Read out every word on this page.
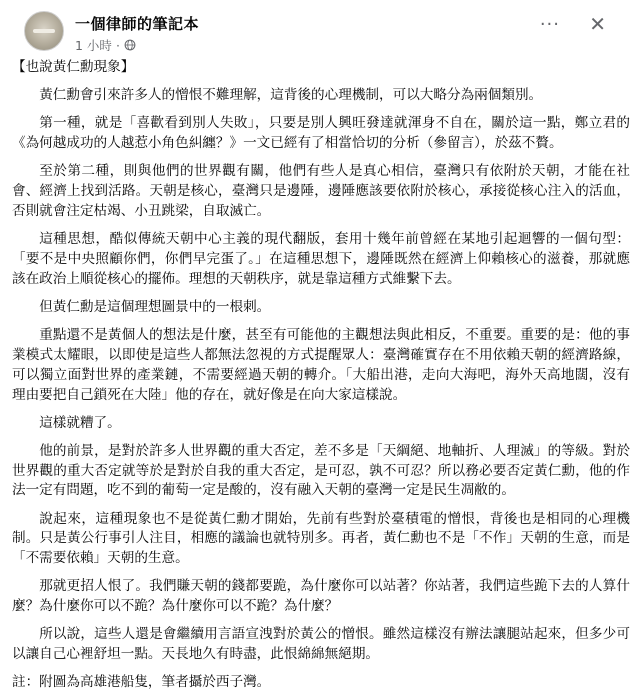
一個律師的筆記本
1 小時 ·
··· ✕
【也說黃仁勳現象】

黃仁勳會引來許多人的憎恨不難理解，這背後的心理機制，可以大略分為兩個類別。

第一種，就是「喜歡看到別人失敗」，只要是別人興旺發達就渾身不自在，關於這一點，鄭立君的《為何越成功的人越惹小角色糾纏？》一文已經有了相當恰切的分析（參留言），於茲不贅。

至於第二種，則與他們的世界觀有關，他們有些人是真心相信，臺灣只有依附於天朝，才能在社會、經濟上找到活路。天朝是核心，臺灣只是邊陲，邊陲應該要依附於核心，承接從核心注入的活血，否則就會注定枯竭、小丑跳梁，自取滅亡。

這種思想，酷似傳統天朝中心主義的現代翻版，套用十幾年前曾經在某地引起迴響的一個句型：「要不是中央照顧你們，你們早完蛋了。」在這種思想下，邊陲既然在經濟上仰賴核心的滋養，那就應該在政治上順從核心的擺佈。理想的天朝秩序，就是靠這種方式維繫下去。

但黃仁勳是這個理想圖景中的一根刺。

重點還不是黃個人的想法是什麼，甚至有可能他的主觀想法與此相反，不重要。重要的是：他的事業模式太耀眼，以即使是這些人都無法忽視的方式提醒眾人：臺灣確實存在不用依賴天朝的經濟路線，可以獨立面對世界的產業鏈，不需要經過天朝的轉介。「大船出港，走向大海吧，海外天高地闊，沒有理由要把自己鎖死在大陸」他的存在，就好像是在向大家這樣說。

這樣就糟了。

他的前景，是對於許多人世界觀的重大否定，差不多是「天綱絕、地軸折、人理滅」的等級。對於世界觀的重大否定就等於是對於自我的重大否定，是可忍，孰不可忍？所以務必要否定黃仁勳，他的作法一定有問題，吃不到的葡萄一定是酸的，沒有融入天朝的臺灣一定是民生凋敝的。

說起來，這種現象也不是從黃仁勳才開始，先前有些對於臺積電的憎恨，背後也是相同的心理機制。只是黃公行事引人注目，相應的議論也就特別多。再者，黃仁勳也不是「不作」天朝的生意，而是「不需要依賴」天朝的生意。

那就更招人恨了。我們賺天朝的錢都要跪，為什麼你可以站著？你站著，我們這些跪下去的人算什麼？為什麼你可以不跪？為什麼你可以不跪？為什麼？

所以說，這些人還是會繼續用言語宣洩對於黃公的憎恨。雖然這樣沒有辦法讓腿站起來，但多少可以讓自己心裡舒坦一點。天長地久有時盡，此恨綿綿無絕期。

註：附圖為高雄港船隻，筆者攝於西子灣。
